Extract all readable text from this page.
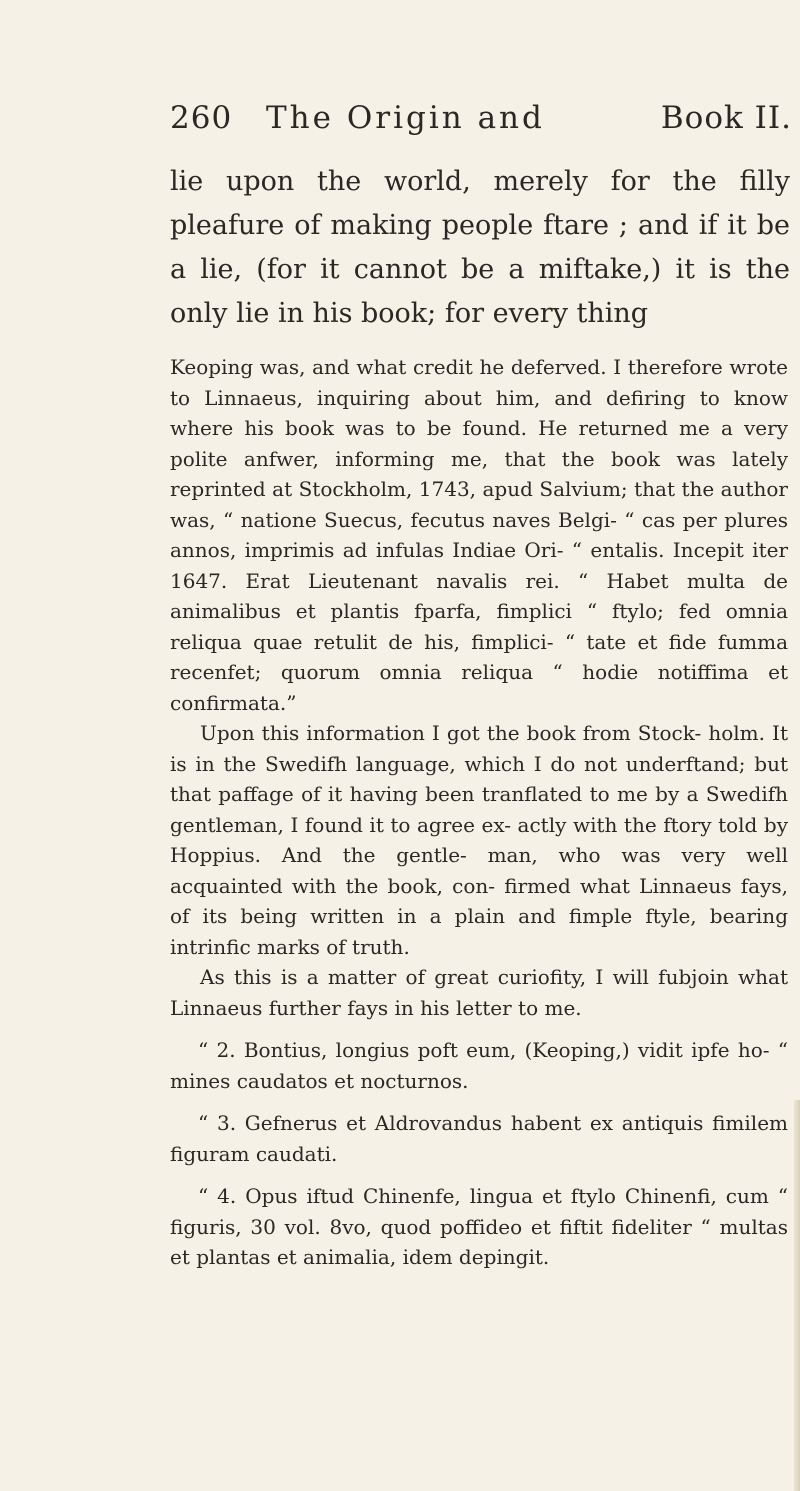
260 The Origin and	Book II.

lie upon the world, merely for the filly pleafure of making people ftare ; and if it be a lie, (for it cannot be a miftake,) it is the only lie in his book; for every thing

Keoping was, and what credit he deferved. I therefore wrote to Linnaeus, inquiring about him, and defiring to know where his book was to be found. He returned me a very polite anfwer, informing me, that the book was lately reprinted at Stockholm, 1743, apud Salvium; that the author was, “ natione Suecus, fecutus naves Belgi- “ cas per plures annos, imprimis ad infulas Indiae Ori- “ entalis. Incepit iter 1647. Erat Lieutenant navalis rei. “ Habet multa de animalibus et plantis fparfa, fimplici “ ftylo; fed omnia reliqua quae retulit de his, fimplici- “ tate et fide fumma recenfet; quorum omnia reliqua “ hodie notiffima et confirmata.”

Upon this information I got the book from Stock- holm. It is in the Swedifh language, which I do not underftand; but that paffage of it having been tranflated to me by a Swedifh gentleman, I found it to agree ex- actly with the ftory told by Hoppius. And the gentle- man, who was very well acquainted with the book, con- firmed what Linnaeus fays, of its being written in a plain and fimple ftyle, bearing intrinfic marks of truth.

As this is a matter of great curiofity, I will fubjoin what Linnaeus further fays in his letter to me.

“ 2. Bontius, longius poft eum, (Keoping,) vidit ipfe ho- “ mines caudatos et nocturnos.

“ 3. Gefnerus et Aldrovandus habent ex antiquis fimilem figuram caudati.

“ 4. Opus iftud Chinenfe, lingua et ftylo Chinenfi, cum “ figuris, 30 vol. 8vo, quod poffideo et fiftit fideliter “ multas et plantas et animalia, idem depingit.
